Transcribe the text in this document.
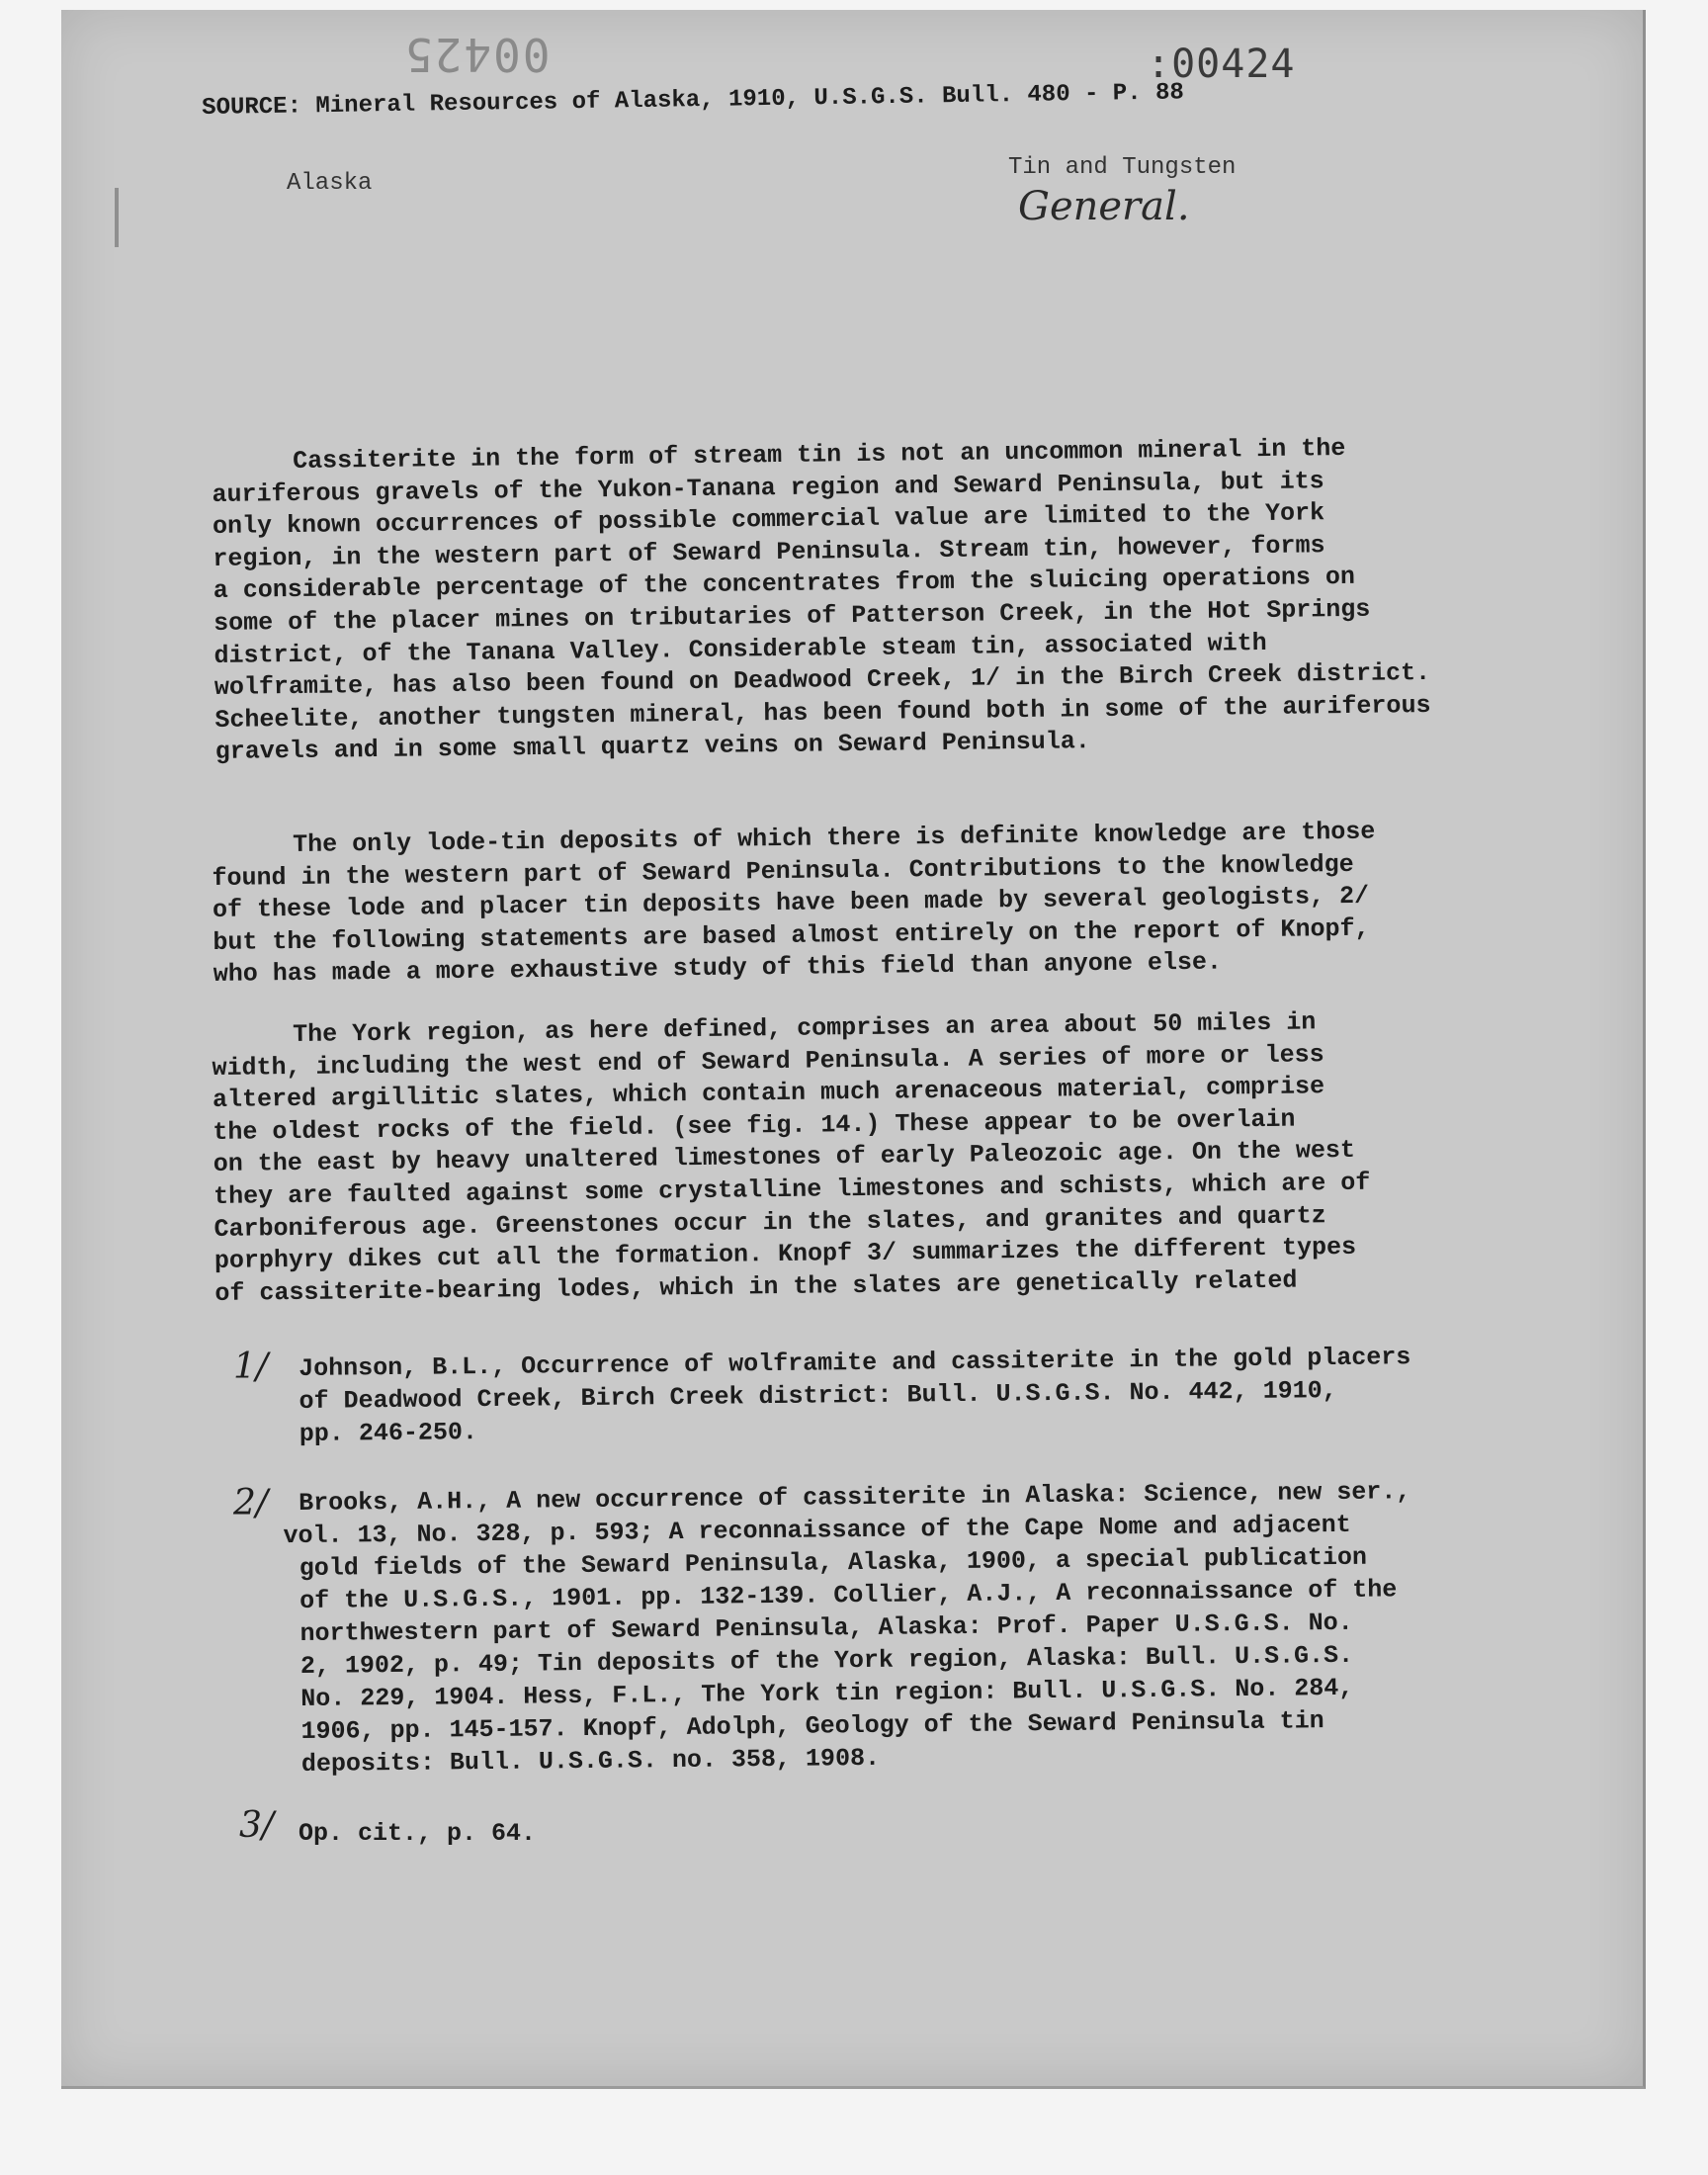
00425	:00424
SOURCE: Mineral Resources of Alaska, 1910, U.S.G.S. Bull. 480 - P. 88
Alaska
Tin and Tungsten
General.
Cassiterite in the form of stream tin is not an uncommon mineral in the
auriferous gravels of the Yukon-Tanana region and Seward Peninsula, but its
only known occurrences of possible commercial value are limited to the York
region, in the western part of Seward Peninsula. Stream tin, however, forms
a considerable percentage of the concentrates from the sluicing operations on
some of the placer mines on tributaries of Patterson Creek, in the Hot Springs
district, of the Tanana Valley. Considerable steam tin, associated with
wolframite, has also been found on Deadwood Creek, 1/ in the Birch Creek district.
Scheelite, another tungsten mineral, has been found both in some of the auriferous
gravels and in some small quartz veins on Seward Peninsula.
The only lode-tin deposits of which there is definite knowledge are those
found in the western part of Seward Peninsula. Contributions to the knowledge
of these lode and placer tin deposits have been made by several geologists, 2/
but the following statements are based almost entirely on the report of Knopf,
who has made a more exhaustive study of this field than anyone else.
The York region, as here defined, comprises an area about 50 miles in
width, including the west end of Seward Peninsula. A series of more or less
altered argillitic slates, which contain much arenaceous material, comprise
the oldest rocks of the field. (see fig. 14.) These appear to be overlain
on the east by heavy unaltered limestones of early Paleozoic age. On the west
they are faulted against some crystalline limestones and schists, which are of
Carboniferous age. Greenstones occur in the slates, and granites and quartz
porphyry dikes cut all the formation. Knopf 3/ summarizes the different types
of cassiterite-bearing lodes, which in the slates are genetically related
1/ Johnson, B.L., Occurrence of wolframite and cassiterite in the gold placers
of Deadwood Creek, Birch Creek district: Bull. U.S.G.S. No. 442, 1910,
pp. 246-250.
2/ Brooks, A.H., A new occurrence of cassiterite in Alaska: Science, new ser.,
vol. 13, No. 328, p. 593; A reconnaissance of the Cape Nome and adjacent
gold fields of the Seward Peninsula, Alaska, 1900, a special publication
of the U.S.G.S., 1901. pp. 132-139. Collier, A.J., A reconnaissance of the
northwestern part of Seward Peninsula, Alaska: Prof. Paper U.S.G.S. No.
2, 1902, p. 49; Tin deposits of the York region, Alaska: Bull. U.S.G.S.
No. 229, 1904. Hess, F.L., The York tin region: Bull. U.S.G.S. No. 284,
1906, pp. 145-157. Knopf, Adolph, Geology of the Seward Peninsula tin
deposits: Bull. U.S.G.S. no. 358, 1908.
3/ Op. cit., p. 64.
